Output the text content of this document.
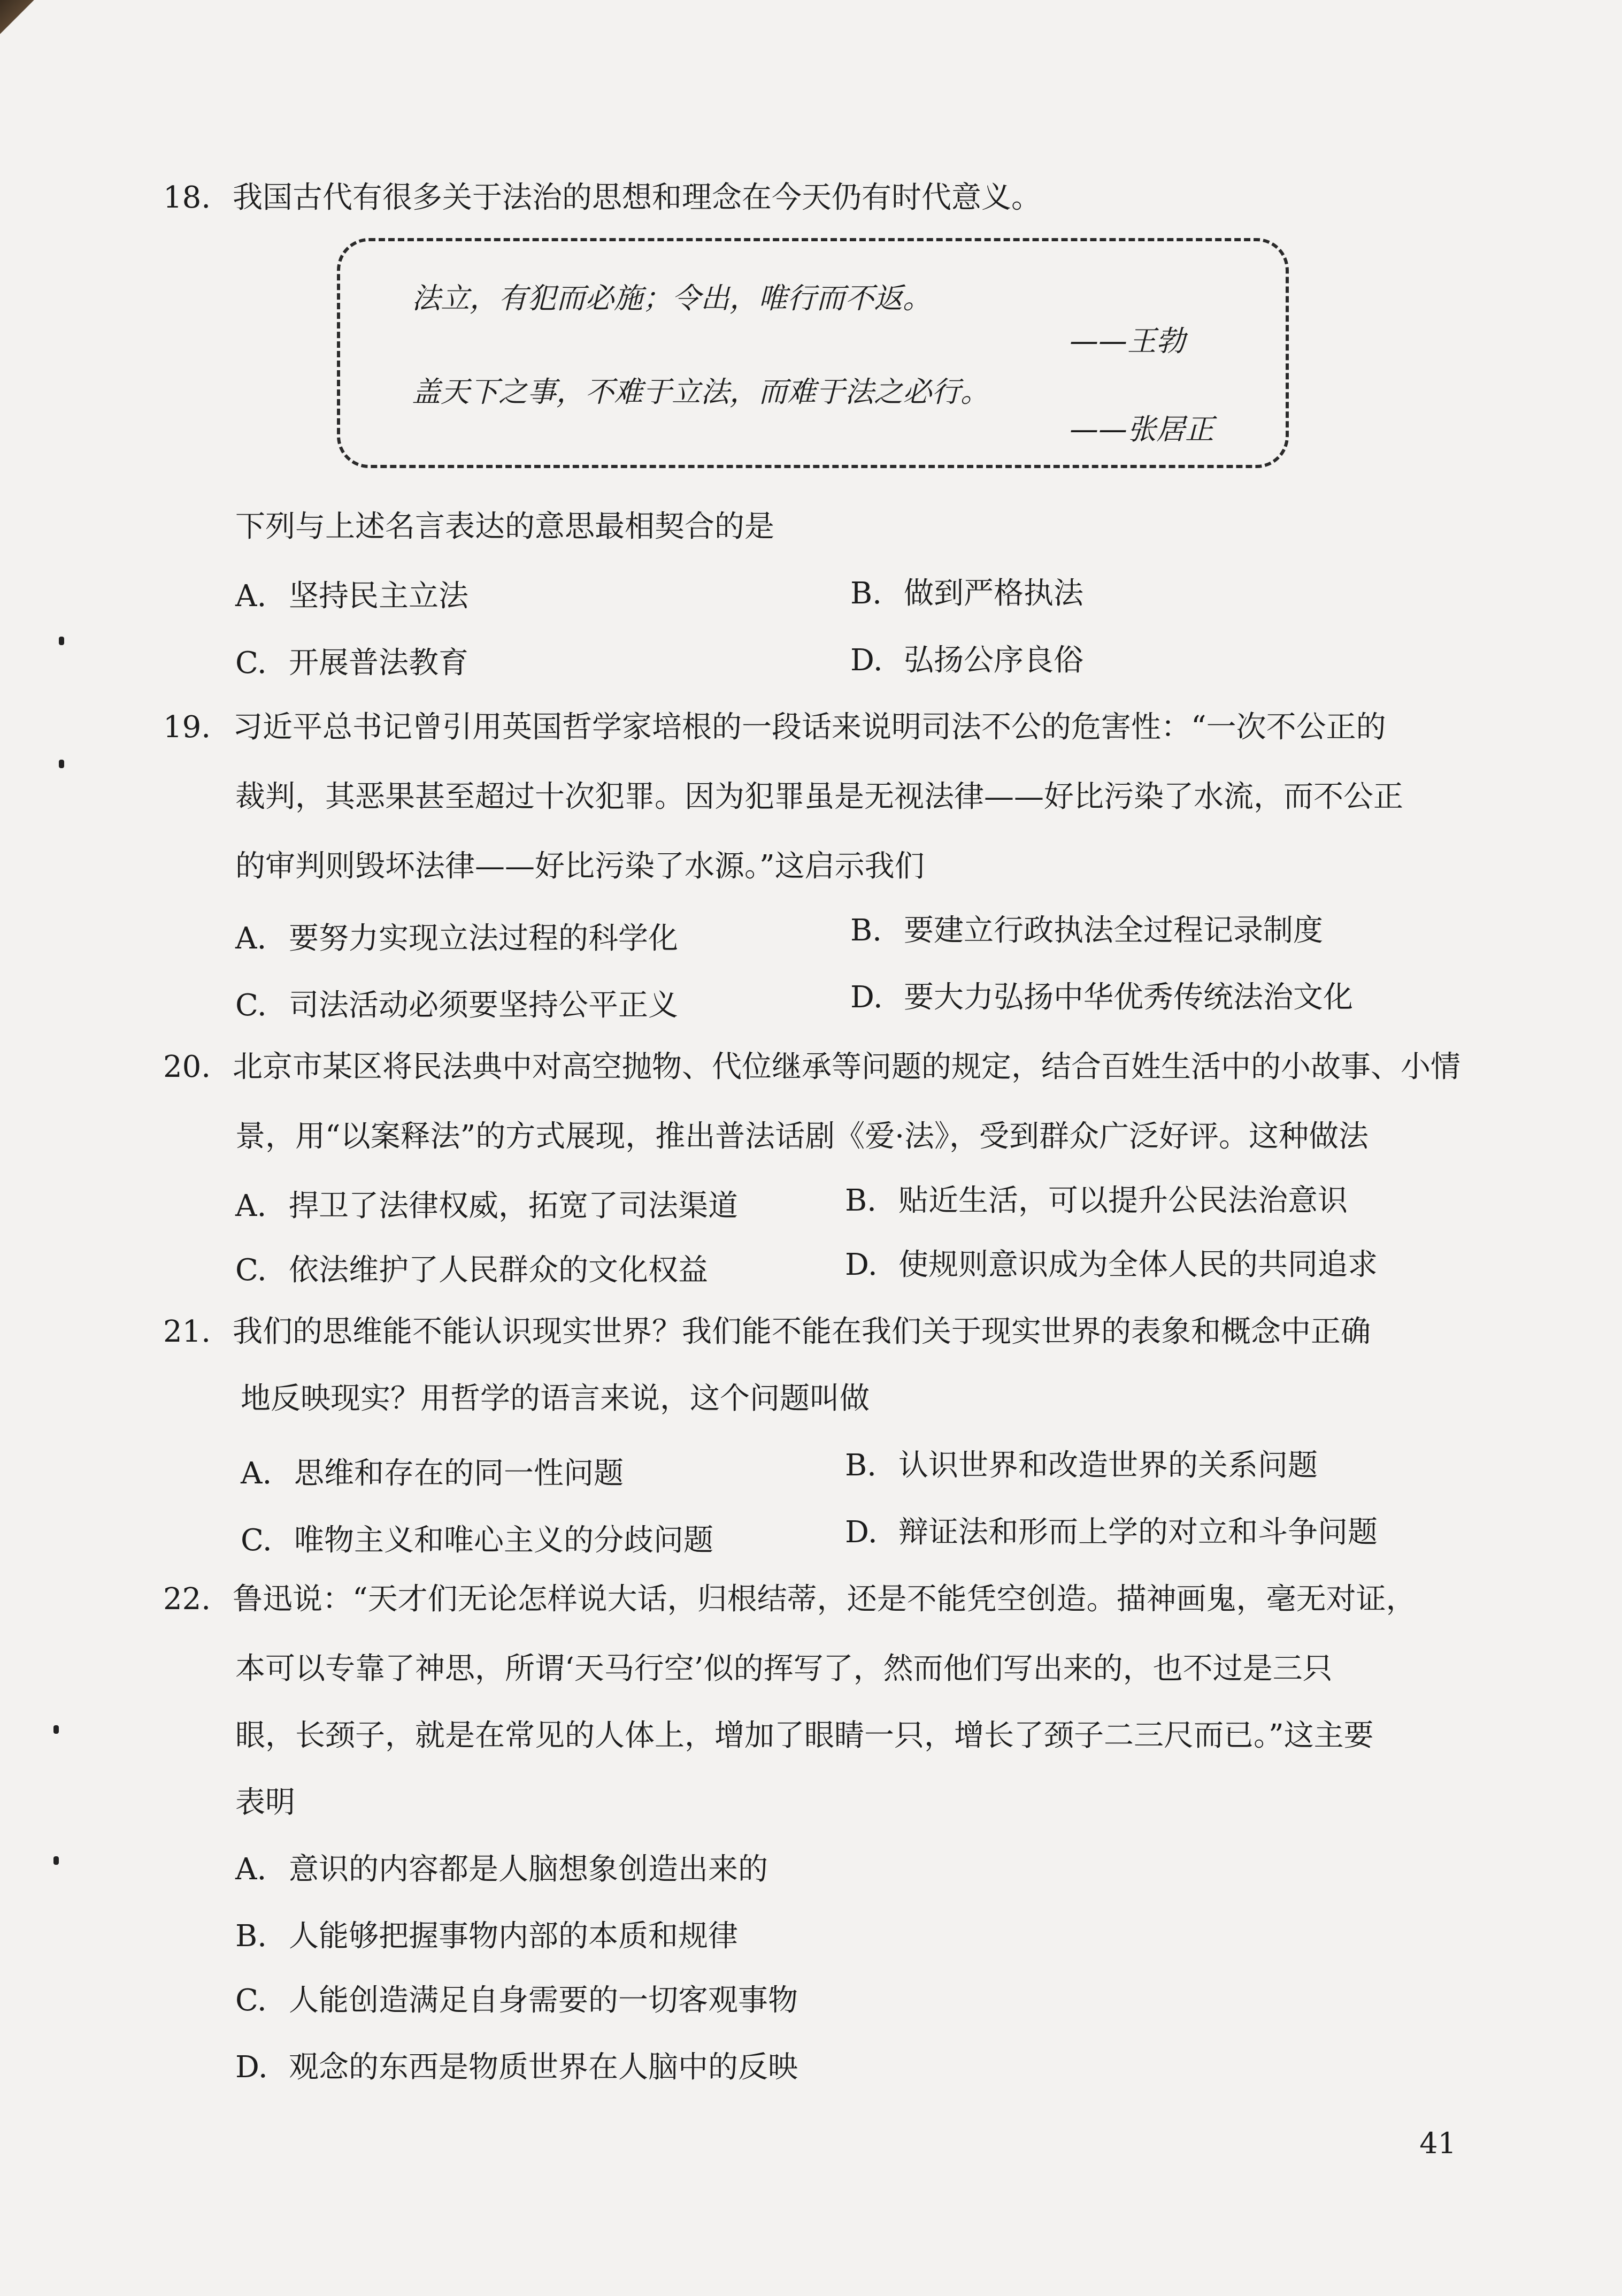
18. 我国古代有很多关于法治的思想和理念在今天仍有时代意义。
法立，有犯而必施；令出，唯行而不返。
——王勃
盖天下之事，不难于立法，而难于法之必行。
——张居正
下列与上述名言表达的意思最相契合的是
A. 坚持民主立法	B. 做到严格执法
C. 开展普法教育	D. 弘扬公序良俗
19. 习近平总书记曾引用英国哲学家培根的一段话来说明司法不公的危害性：“一次不公正的
裁判，其恶果甚至超过十次犯罪。因为犯罪虽是无视法律——好比污染了水流，而不公正
的审判则毁坏法律——好比污染了水源。”这启示我们
A. 要努力实现立法过程的科学化	B. 要建立行政执法全过程记录制度
C. 司法活动必须要坚持公平正义	D. 要大力弘扬中华优秀传统法治文化
20. 北京市某区将民法典中对高空抛物、代位继承等问题的规定，结合百姓生活中的小故事、小情
景，用“以案释法”的方式展现，推出普法话剧《爱·法》，受到群众广泛好评。这种做法
A. 捍卫了法律权威，拓宽了司法渠道	B. 贴近生活，可以提升公民法治意识
C. 依法维护了人民群众的文化权益	D. 使规则意识成为全体人民的共同追求
21. 我们的思维能不能认识现实世界？我们能不能在我们关于现实世界的表象和概念中正确
地反映现实？用哲学的语言来说，这个问题叫做
A. 思维和存在的同一性问题	B. 认识世界和改造世界的关系问题
C. 唯物主义和唯心主义的分歧问题	D. 辩证法和形而上学的对立和斗争问题
22. 鲁迅说：“天才们无论怎样说大话，归根结蒂，还是不能凭空创造。描神画鬼，毫无对证，
本可以专靠了神思，所谓‘天马行空’似的挥写了，然而他们写出来的，也不过是三只
眼，长颈子，就是在常见的人体上，增加了眼睛一只，增长了颈子二三尺而已。”这主要
表明
A. 意识的内容都是人脑想象创造出来的
B. 人能够把握事物内部的本质和规律
C. 人能创造满足自身需要的一切客观事物
D. 观念的东西是物质世界在人脑中的反映
41
